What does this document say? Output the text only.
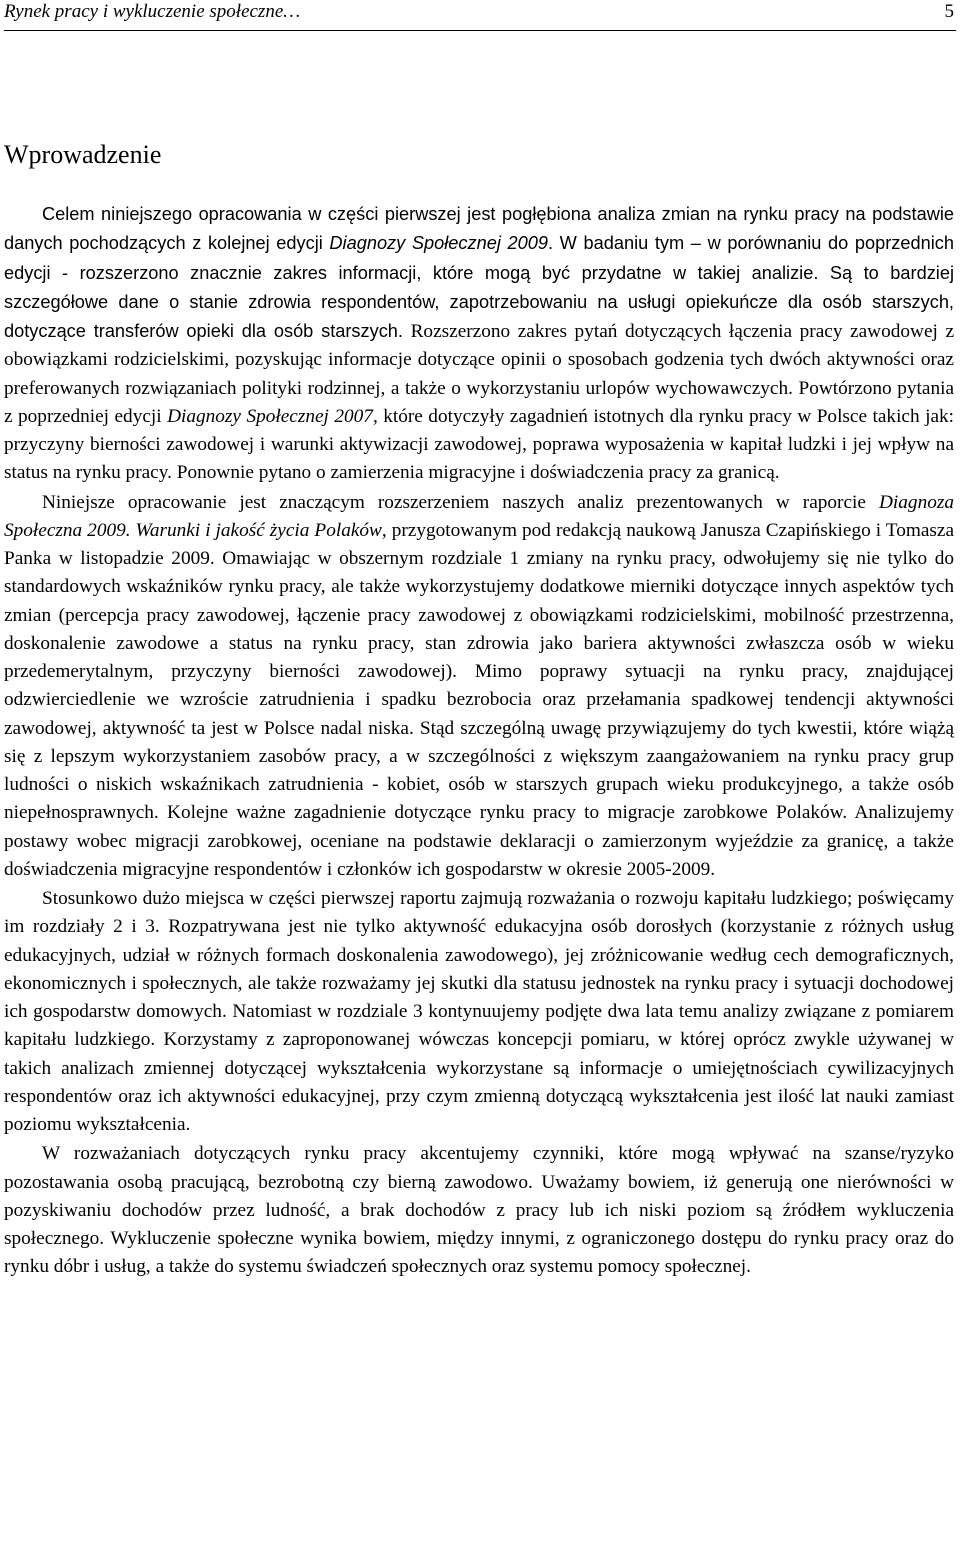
Rynek pracy i wykluczenie społeczne…	5
Wprowadzenie

Celem niniejszego opracowania w części pierwszej jest pogłębiona analiza zmian na rynku pracy na podstawie danych pochodzących z kolejnej edycji Diagnozy Społecznej 2009. W badaniu tym – w porównaniu do poprzednich edycji - rozszerzono znacznie zakres informacji, które mogą być przydatne w takiej analizie. Są to bardziej szczegółowe dane o stanie zdrowia respondentów, zapotrzebowaniu na usługi opiekuńcze dla osób starszych, dotyczące transferów opieki dla osób starszych. Rozszerzono zakres pytań dotyczących łączenia pracy zawodowej z obowiązkami rodzicielskimi, pozyskując informacje dotyczące opinii o sposobach godzenia tych dwóch aktywności oraz preferowanych rozwiązaniach polityki rodzinnej, a także o wykorzystaniu urlopów wychowawczych. Powtórzono pytania z poprzedniej edycji Diagnozy Społecznej 2007, które dotyczyły zagadnień istotnych dla rynku pracy w Polsce takich jak: przyczyny bierności zawodowej i warunki aktywizacji zawodowej, poprawa wyposażenia w kapitał ludzki i jej wpływ na status na rynku pracy. Ponownie pytano o zamierzenia migracyjne i doświadczenia pracy za granicą.

Niniejsze opracowanie jest znaczącym rozszerzeniem naszych analiz prezentowanych w raporcie Diagnoza Społeczna 2009. Warunki i jakość życia Polaków, przygotowanym pod redakcją naukową Janusza Czapińskiego i Tomasza Panka w listopadzie 2009. Omawiając w obszernym rozdziale 1 zmiany na rynku pracy, odwołujemy się nie tylko do standardowych wskaźników rynku pracy, ale także wykorzystujemy dodatkowe mierniki dotyczące innych aspektów tych zmian (percepcja pracy zawodowej, łączenie pracy zawodowej z obowiązkami rodzicielskimi, mobilność przestrzenna, doskonalenie zawodowe a status na rynku pracy, stan zdrowia jako bariera aktywności zwłaszcza osób w wieku przedemerytalnym, przyczyny bierności zawodowej). Mimo poprawy sytuacji na rynku pracy, znajdującej odzwierciedlenie we wzroście zatrudnienia i spadku bezrobocia oraz przełamania spadkowej tendencji aktywności zawodowej, aktywność ta jest w Polsce nadal niska. Stąd szczególną uwagę przywiązujemy do tych kwestii, które wiążą się z lepszym wykorzystaniem zasobów pracy, a w szczególności z większym zaangażowaniem na rynku pracy grup ludności o niskich wskaźnikach zatrudnienia - kobiet, osób w starszych grupach wieku produkcyjnego, a także osób niepełnosprawnych. Kolejne ważne zagadnienie dotyczące rynku pracy to migracje zarobkowe Polaków. Analizujemy postawy wobec migracji zarobkowej, oceniane na podstawie deklaracji o zamierzonym wyjeździe za granicę, a także doświadczenia migracyjne respondentów i członków ich gospodarstw w okresie 2005-2009.

Stosunkowo dużo miejsca w części pierwszej raportu zajmują rozważania o rozwoju kapitału ludzkiego; poświęcamy im rozdziały 2 i 3. Rozpatrywana jest nie tylko aktywność edukacyjna osób dorosłych (korzystanie z różnych usług edukacyjnych, udział w różnych formach doskonalenia zawodowego), jej zróżnicowanie według cech demograficznych, ekonomicznych i społecznych, ale także rozważamy jej skutki dla statusu jednostek na rynku pracy i sytuacji dochodowej ich gospodarstw domowych. Natomiast w rozdziale 3 kontynuujemy podjęte dwa lata temu analizy związane z pomiarem kapitału ludzkiego. Korzystamy z zaproponowanej wówczas koncepcji pomiaru, w której oprócz zwykle używanej w takich analizach zmiennej dotyczącej wykształcenia wykorzystane są informacje o umiejętnościach cywilizacyjnych respondentów oraz ich aktywności edukacyjnej, przy czym zmienną dotyczącą wykształcenia jest ilość lat nauki zamiast poziomu wykształcenia.

W rozważaniach dotyczących rynku pracy akcentujemy czynniki, które mogą wpływać na szanse/ryzyko pozostawania osobą pracującą, bezrobotną czy bierną zawodowo. Uważamy bowiem, iż generują one nierówności w pozyskiwaniu dochodów przez ludność, a brak dochodów z pracy lub ich niski poziom są źródłem wykluczenia społecznego. Wykluczenie społeczne wynika bowiem, między innymi, z ograniczonego dostępu do rynku pracy oraz do rynku dóbr i usług, a także do systemu świadczeń społecznych oraz systemu pomocy społecznej.
